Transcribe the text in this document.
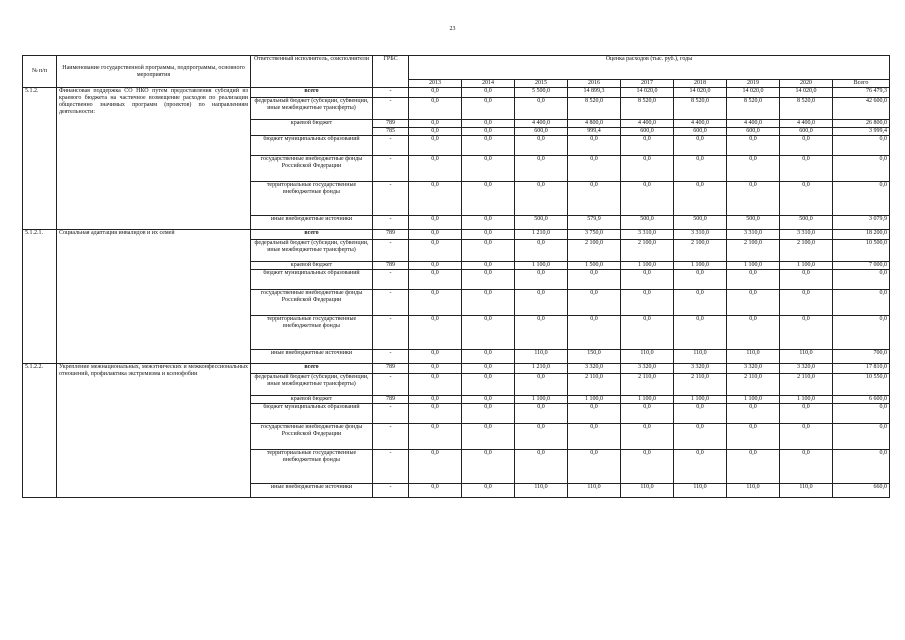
23
№ п/п	Наименование государственной программы, подпрограммы, основного мероприятия	Ответственный исполнитель, соисполнители	ГРБС	Оценка расходов (тыс. руб.), годы								
				2013	2014	2015	2016	2017	2018	2019	2020	Всего
5.1.2.	Финансовая поддержка СО НКО путем предоставления субсидий из краевого бюджета на частичное возмещение расходов по реализации общественно значимых программ (проектов) по направлениям деятельности:	всего	-	0,0	0,0	5 500,0	14 899,3	14 020,0	14 020,0	14 020,0	14 020,0	76 479,3
		федеральный бюджет (субсидии, субвенции, иные межбюджетные трансферты)	-	0,0	0,0	0,0	8 520,0	8 520,0	8 520,0	8 520,0	8 520,0	42 600,0
		краевой бюджет	789	0,0	0,0	4 400,0	4 800,0	4 400,0	4 400,0	4 400,0	4 400,0	26 800,0
			785	0,0	0,0	600,0	999,4	600,0	600,0	600,0	600,0	3 999,4
		бюджет муниципальных образований	-	0,0	0,0	0,0	0,0	0,0	0,0	0,0	0,0	0,0
		государственные внебюджетные фонды Российской Федерации	-	0,0	0,0	0,0	0,0	0,0	0,0	0,0	0,0	0,0
		территориальные государственные внебюджетные фонды	-	0,0	0,0	0,0	0,0	0,0	0,0	0,0	0,0	0,0
		иные внебюджетные источники	-	0,0	0,0	500,0	579,9	500,0	500,0	500,0	500,0	3 079,9
5.1.2.1.	Социальная адаптация инвалидов и их семей	всего	789	0,0	0,0	1 210,0	3 750,0	3 310,0	3 310,0	3 310,0	3 310,0	18 200,0
		федеральный бюджет (субсидии, субвенции, иные межбюджетные трансферты)	-	0,0	0,0	0,0	2 100,0	2 100,0	2 100,0	2 100,0	2 100,0	10 500,0
		краевой бюджет	789	0,0	0,0	1 100,0	1 500,0	1 100,0	1 100,0	1 100,0	1 100,0	7 000,0
		бюджет муниципальных образований	-	0,0	0,0	0,0	0,0	0,0	0,0	0,0	0,0	0,0
		государственные внебюджетные фонды Российской Федерации	-	0,0	0,0	0,0	0,0	0,0	0,0	0,0	0,0	0,0
		территориальные государственные внебюджетные фонды	-	0,0	0,0	0,0	0,0	0,0	0,0	0,0	0,0	0,0
		иные внебюджетные источники	-	0,0	0,0	110,0	150,0	110,0	110,0	110,0	110,0	700,0
5.1.2.2.	Укрепление межнациональных, межэтнических и межконфессиональных отношений, профилактика экстремизма и ксенофобии	всего	789	0,0	0,0	1 210,0	3 320,0	3 320,0	3 320,0	3 320,0	3 320,0	17 810,0
		федеральный бюджет (субсидии, субвенции, иные межбюджетные трансферты)	-	0,0	0,0	0,0	2 110,0	2 110,0	2 110,0	2 110,0	2 110,0	10 550,0
		краевой бюджет	789	0,0	0,0	1 100,0	1 100,0	1 100,0	1 100,0	1 100,0	1 100,0	6 600,0
		бюджет муниципальных образований	-	0,0	0,0	0,0	0,0	0,0	0,0	0,0	0,0	0,0
		государственные внебюджетные фонды Российской Федерации	-	0,0	0,0	0,0	0,0	0,0	0,0	0,0	0,0	0,0
		территориальные государственные внебюджетные фонды	-	0,0	0,0	0,0	0,0	0,0	0,0	0,0	0,0	0,0
		иные внебюджетные источники	-	0,0	0,0	110,0	110,0	110,0	110,0	110,0	110,0	660,0
